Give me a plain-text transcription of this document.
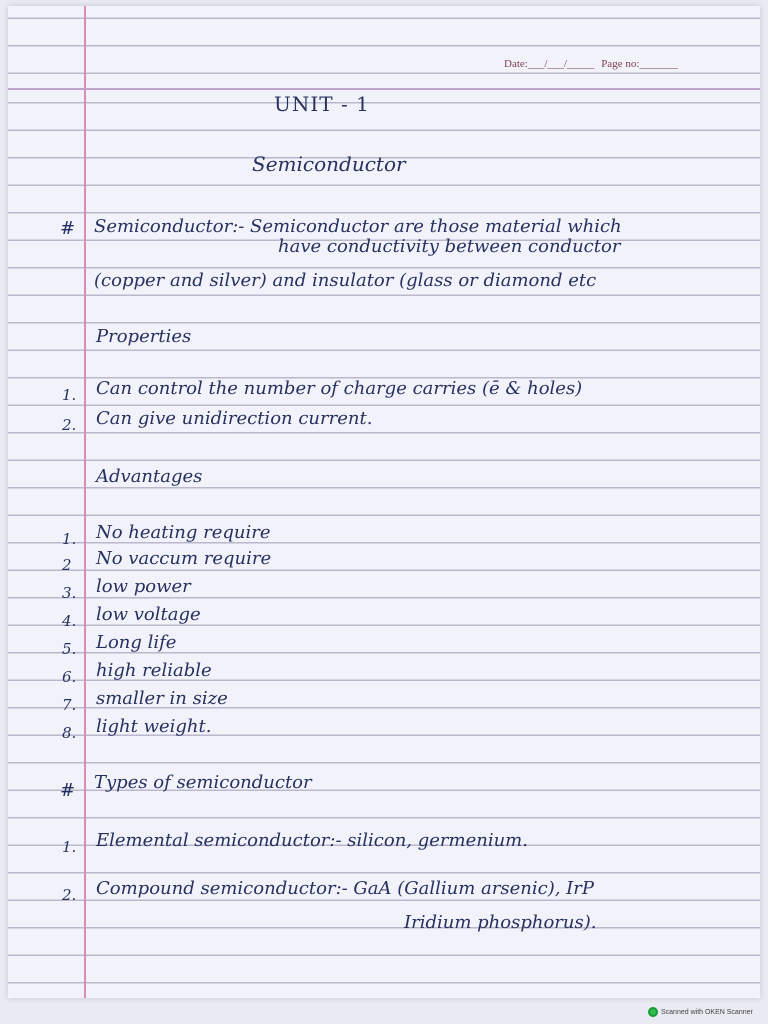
Date:___/___/_____ Page no:_______
UNIT - 1
Semiconductor
# Semiconductor:- Semiconductor are those material which
have conductivity between conductor
(copper and silver) and insulator (glass or diamond etc
Properties
1. Can control the number of charge carries (ē & holes)
2. Can give unidirection current.
Advantages
1. No heating require
2 No vaccum require
3. low power
4. low voltage
5. Long life
6. high reliable
7. smaller in size
8. light weight.
# Types of semiconductor
1. Elemental semiconductor:- silicon, germenium.
2. Compound semiconductor:- GaA (Gallium arsenic), IrP
Iridium phosphorus).
Scanned with OKEN Scanner
